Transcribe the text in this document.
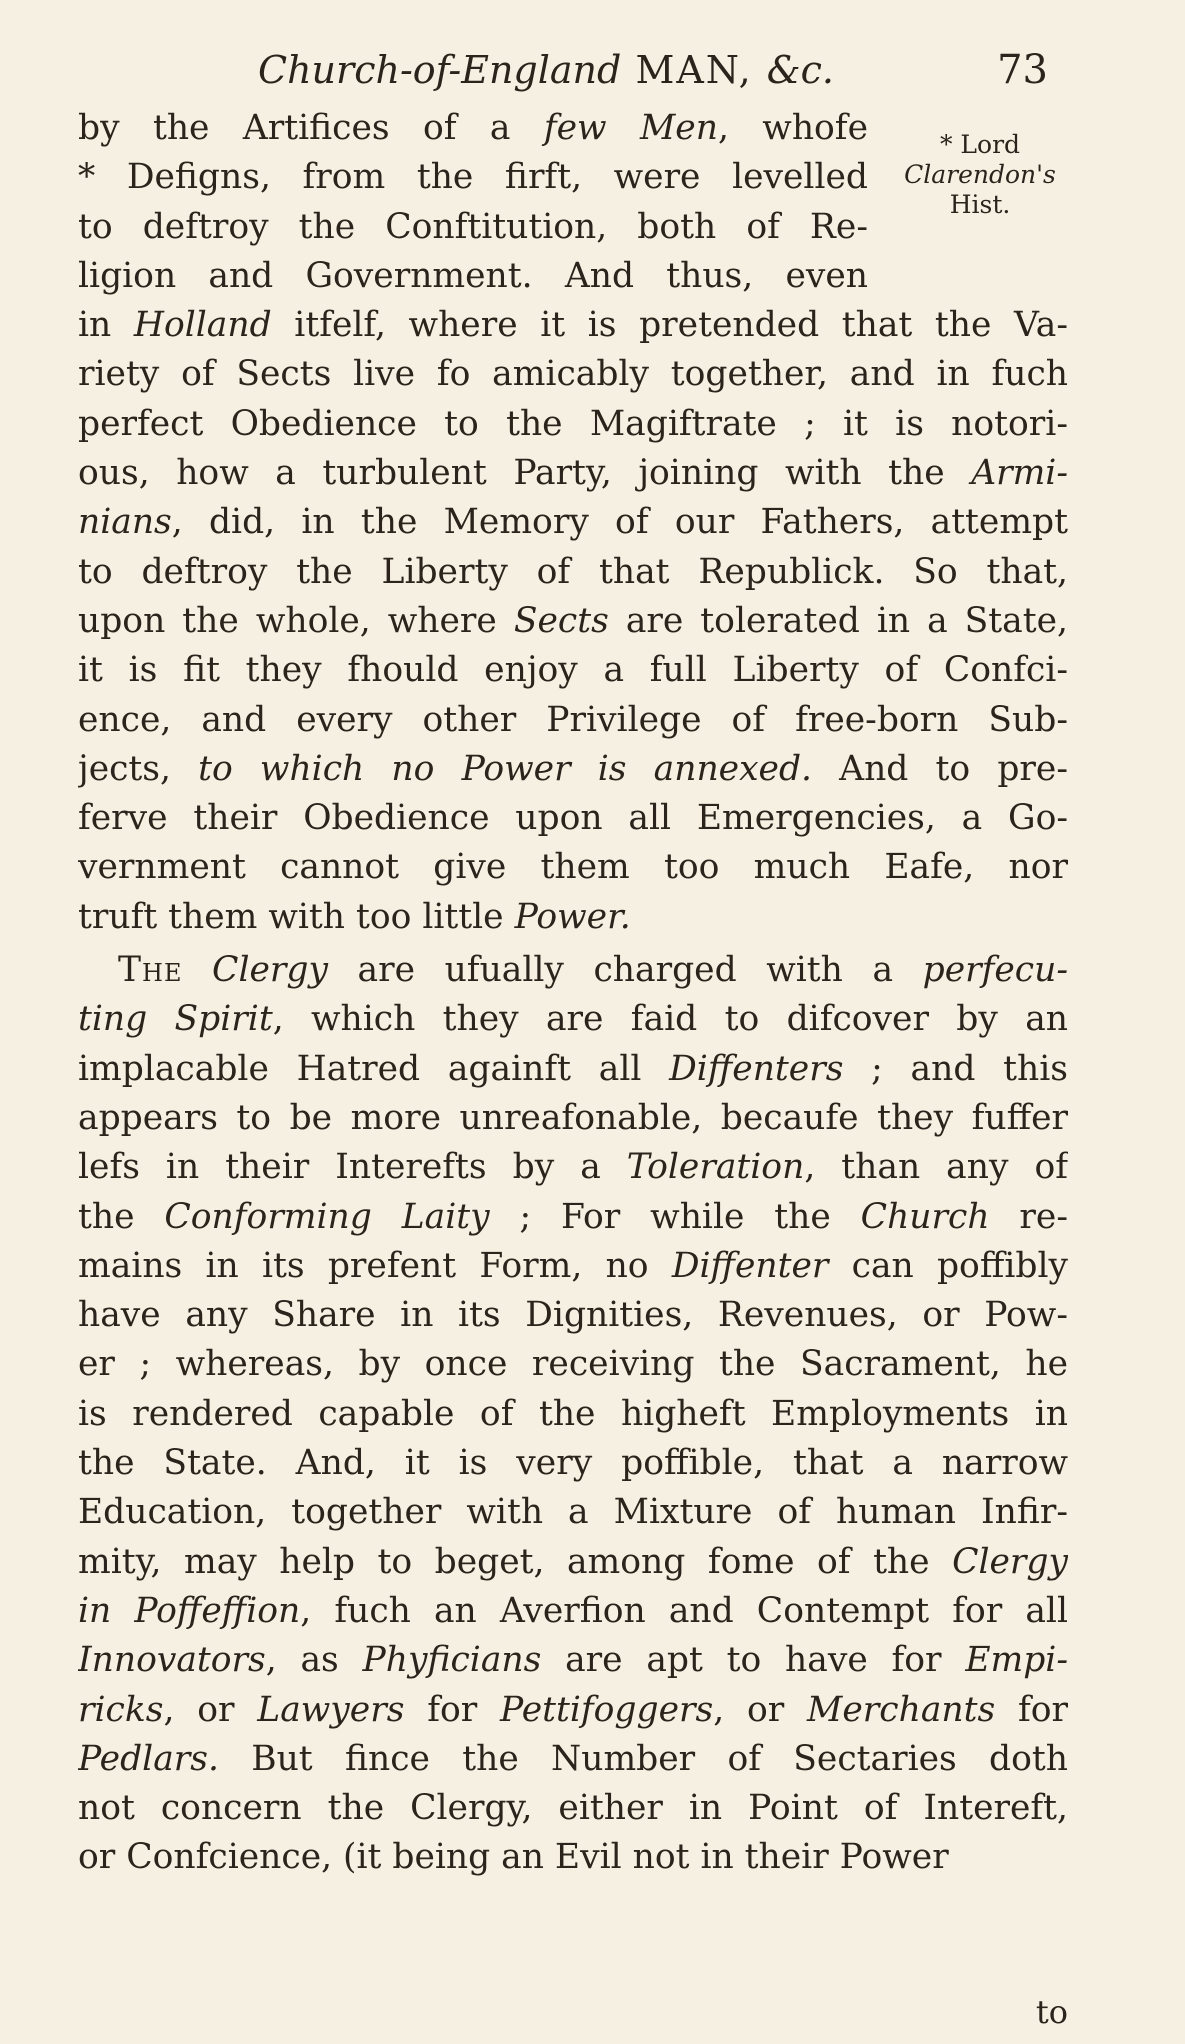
Church-of-England MAN, &c.	73
* Lord
Clarendon's
Hist.
by the Artifices of a few Men, whofe
* Defigns, from the firft, were levelled
to deftroy the Conftitution, both of Re-
ligion and Government. And thus, even
in Holland itfelf, where it is pretended that the Va-
riety of Sects live fo amicably together, and in fuch
perfect Obedience to the Magiftrate ; it is notori-
ous, how a turbulent Party, joining with the Armi-
nians, did, in the Memory of our Fathers, attempt
to deftroy the Liberty of that Republick. So that,
upon the whole, where Sects are tolerated in a State,
it is fit they fhould enjoy a full Liberty of Confci-
ence, and every other Privilege of free-born Sub-
jects, to which no Power is annexed. And to pre-
ferve their Obedience upon all Emergencies, a Go-
vernment cannot give them too much Eafe, nor
truft them with too little Power.
The Clergy are ufually charged with a perfecu-
ting Spirit, which they are faid to difcover by an
implacable Hatred againft all Diffenters ; and this
appears to be more unreafonable, becaufe they fuffer
lefs in their Interefts by a Toleration, than any of
the Conforming Laity ; For while the Church re-
mains in its prefent Form, no Diffenter can poffibly
have any Share in its Dignities, Revenues, or Pow-
er ; whereas, by once receiving the Sacrament, he
is rendered capable of the higheft Employments in
the State. And, it is very poffible, that a narrow
Education, together with a Mixture of human Infir-
mity, may help to beget, among fome of the Clergy
in Poffeffion, fuch an Averfion and Contempt for all
Innovators, as Phyficians are apt to have for Empi-
ricks, or Lawyers for Pettifoggers, or Merchants for
Pedlars. But fince the Number of Sectaries doth
not concern the Clergy, either in Point of Intereft,
or Confcience, (it being an Evil not in their Power
to
